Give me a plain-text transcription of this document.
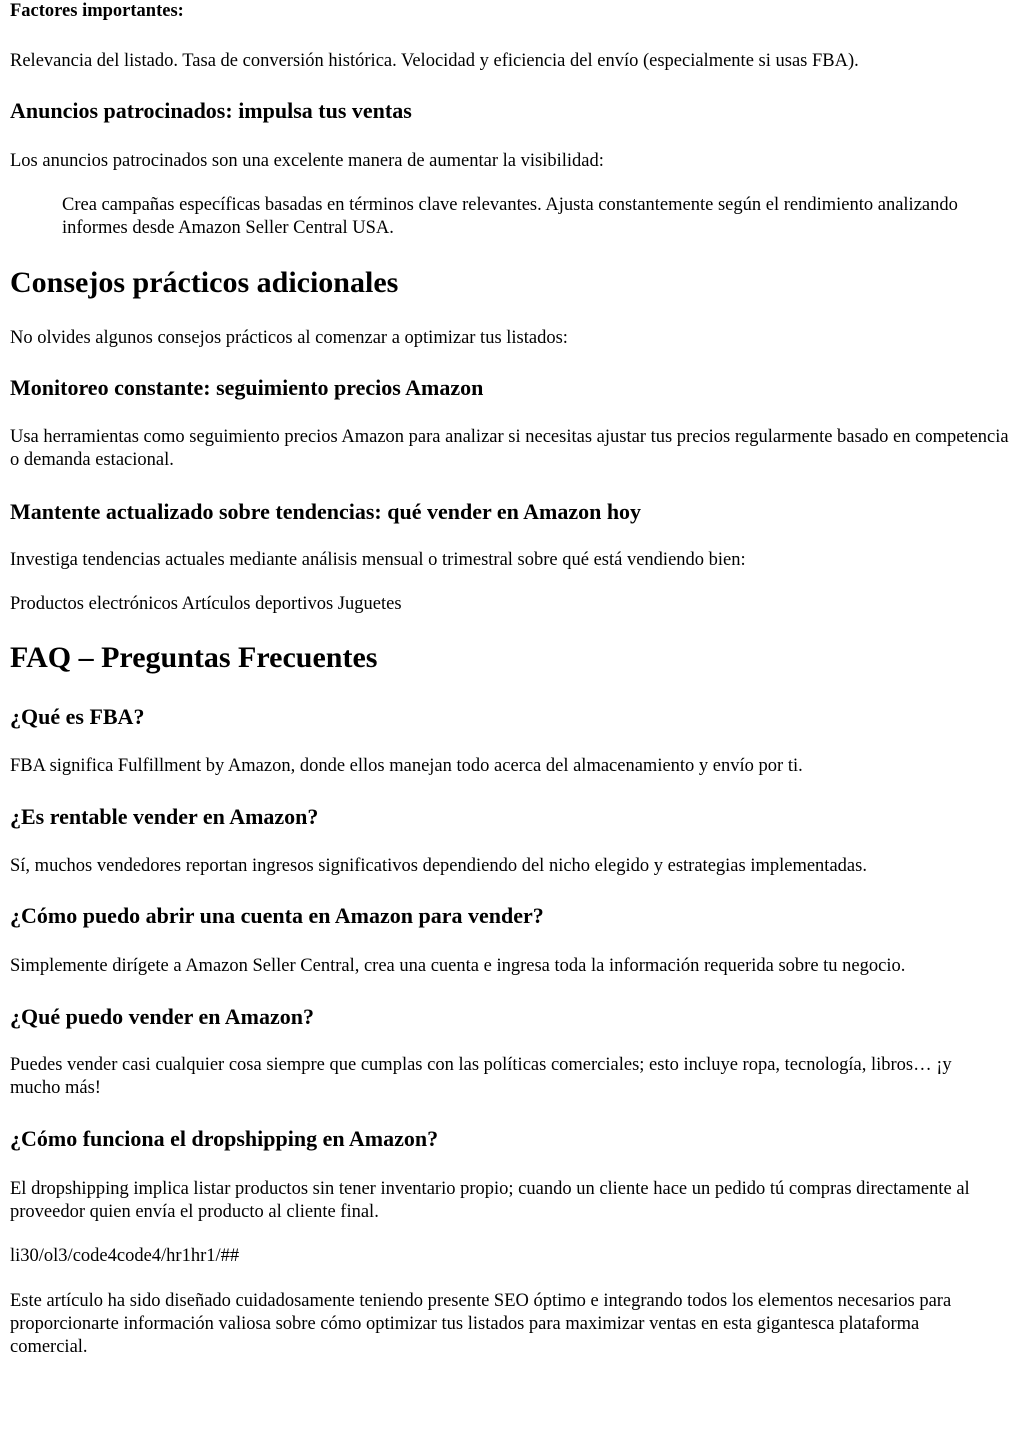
Factores importantes:

Relevancia del listado. Tasa de conversión histórica. Velocidad y eficiencia del envío (especialmente si usas FBA).

Anuncios patrocinados: impulsa tus ventas

Los anuncios patrocinados son una excelente manera de aumentar la visibilidad:

Crea campañas específicas basadas en términos clave relevantes. Ajusta constantemente según el rendimiento analizando informes desde Amazon Seller Central USA.
Consejos prácticos adicionales

No olvides algunos consejos prácticos al comenzar a optimizar tus listados:

Monitoreo constante: seguimiento precios Amazon

Usa herramientas como seguimiento precios Amazon para analizar si necesitas ajustar tus precios regularmente basado en competencia o demanda estacional.

Mantente actualizado sobre tendencias: qué vender en Amazon hoy

Investiga tendencias actuales mediante análisis mensual o trimestral sobre qué está vendiendo bien:

Productos electrónicos Artículos deportivos Juguetes

FAQ – Preguntas Frecuentes
¿Qué es FBA?

FBA significa Fulfillment by Amazon, donde ellos manejan todo acerca del almacenamiento y envío por ti.

¿Es rentable vender en Amazon?

Sí, muchos vendedores reportan ingresos significativos dependiendo del nicho elegido y estrategias implementadas.

¿Cómo puedo abrir una cuenta en Amazon para vender?

Simplemente dirígete a Amazon Seller Central, crea una cuenta e ingresa toda la información requerida sobre tu negocio.

¿Qué puedo vender en Amazon?

Puedes vender casi cualquier cosa siempre que cumplas con las políticas comerciales; esto incluye ropa, tecnología, libros… ¡y mucho más!

¿Cómo funciona el dropshipping en Amazon?

El dropshipping implica listar productos sin tener inventario propio; cuando un cliente hace un pedido tú compras directamente al proveedor quien envía el producto al cliente final.

li30/ol3/code4code4/hr1hr1/##

Este artículo ha sido diseñado cuidadosamente teniendo presente SEO óptimo e integrando todos los elementos necesarios para proporcionarte información valiosa sobre cómo optimizar tus listados para maximizar ventas en esta gigantesca plataforma comercial.
